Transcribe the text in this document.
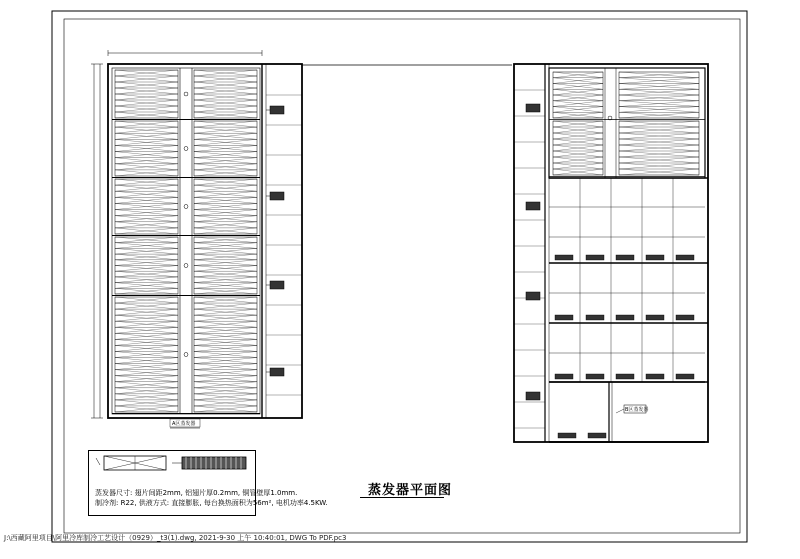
蒸发器尺寸: 翅片间距2mm, 铝翅片厚0.2mm, 铜管壁厚1.0mm.
制冷剂: R22, 供液方式: 直接膨胀, 每台换热面积为56m², 电机功率4.5KW.
A区蒸发器
B区蒸发器
蒸发器平面图
J:\西藏阿里项目\阿里冷库制冷工艺设计（0929）_t3(1).dwg, 2021-9-30 上午 10:40:01, DWG To PDF.pc3
